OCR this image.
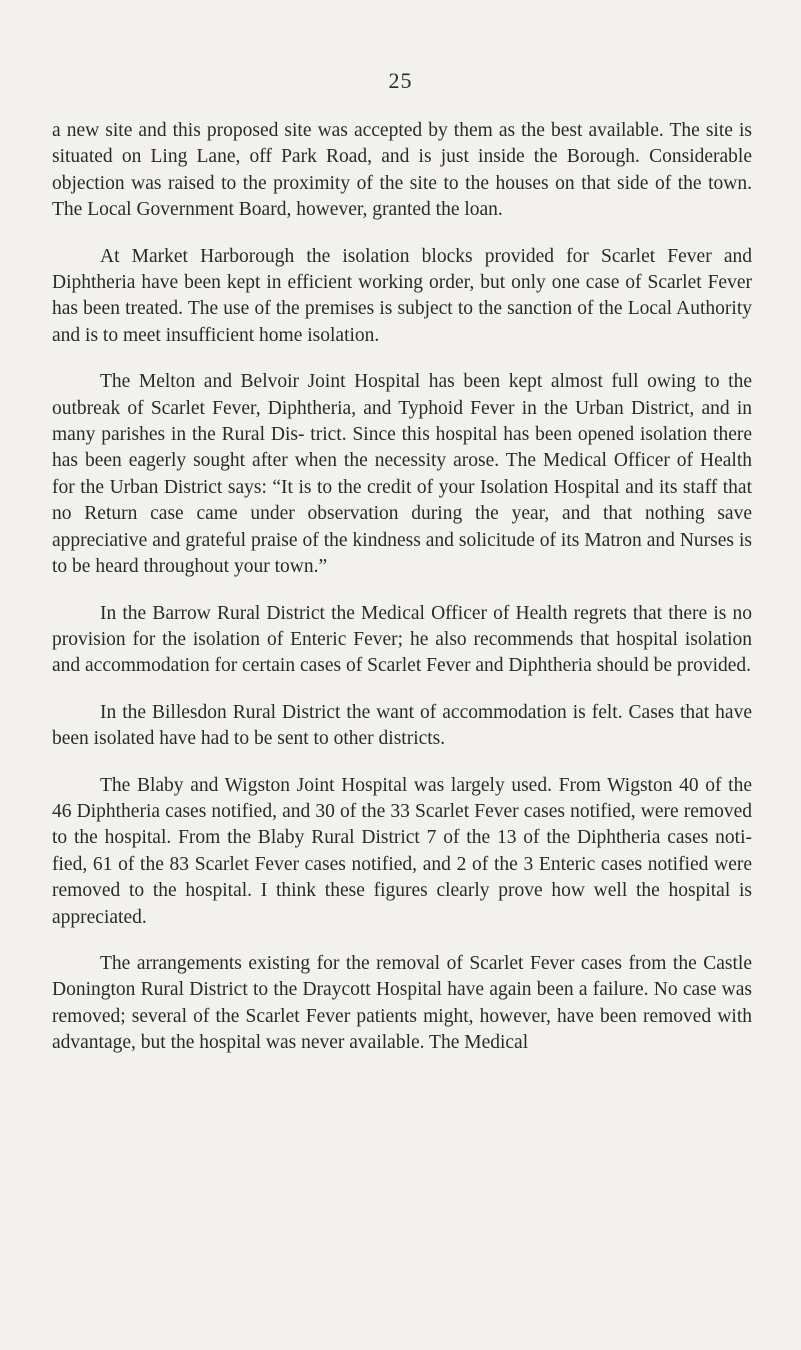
25

a new site and this proposed site was accepted by them as the best available. The site is situated on Ling Lane, off Park Road, and is just inside the Borough. Considerable objection was raised to the proximity of the site to the houses on that side of the town. The Local Government Board, however, granted the loan.

At Market Harborough the isolation blocks provided for Scarlet Fever and Diphtheria have been kept in efficient working order, but only one case of Scarlet Fever has been treated. The use of the premises is subject to the sanction of the Local Authority and is to meet insufficient home isolation.

The Melton and Belvoir Joint Hospital has been kept almost full owing to the outbreak of Scarlet Fever, Diphtheria, and Typhoid Fever in the Urban District, and in many parishes in the Rural Dis- trict. Since this hospital has been opened isolation there has been eagerly sought after when the necessity arose. The Medical Officer of Health for the Urban District says: “It is to the credit of your Isolation Hospital and its staff that no Return case came under observation during the year, and that nothing save appreciative and grateful praise of the kindness and solicitude of its Matron and Nurses is to be heard throughout your town.”

In the Barrow Rural District the Medical Officer of Health regrets that there is no provision for the isolation of Enteric Fever; he also recommends that hospital isolation and accommodation for certain cases of Scarlet Fever and Diphtheria should be provided.

In the Billesdon Rural District the want of accommodation is felt. Cases that have been isolated have had to be sent to other districts.

The Blaby and Wigston Joint Hospital was largely used. From Wigston 40 of the 46 Diphtheria cases notified, and 30 of the 33 Scarlet Fever cases notified, were removed to the hospital. From the Blaby Rural District 7 of the 13 of the Diphtheria cases noti- fied, 61 of the 83 Scarlet Fever cases notified, and 2 of the 3 Enteric cases notified were removed to the hospital. I think these figures clearly prove how well the hospital is appreciated.

The arrangements existing for the removal of Scarlet Fever cases from the Castle Donington Rural District to the Draycott Hospital have again been a failure. No case was removed; several of the Scarlet Fever patients might, however, have been removed with advantage, but the hospital was never available. The Medical
